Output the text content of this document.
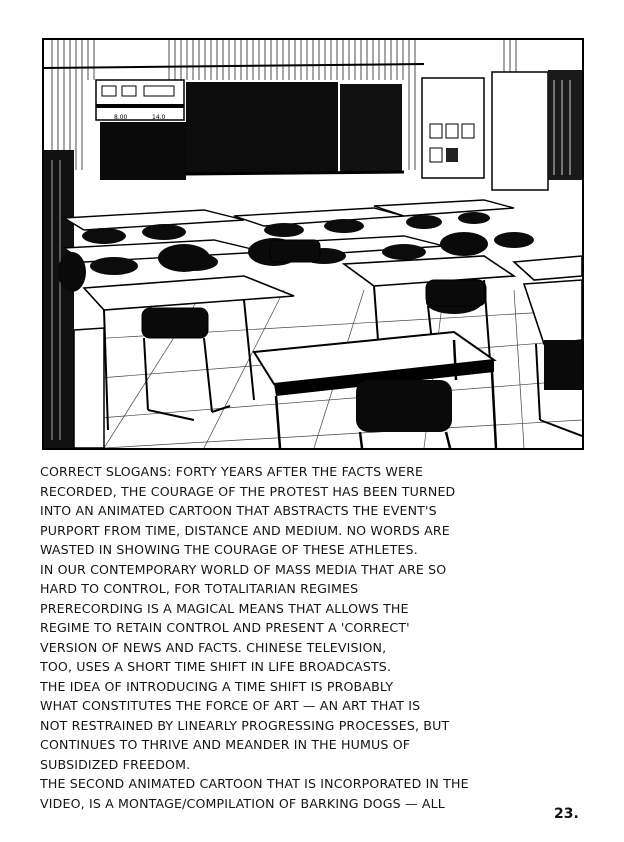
8.00	14.0
CORRECT SLOGANS: FORTY YEARS AFTER THE FACTS WERE
RECORDED, THE COURAGE OF THE PROTEST HAS BEEN TURNED
INTO AN ANIMATED CARTOON THAT ABSTRACTS THE EVENT'S
PURPORT FROM TIME, DISTANCE AND MEDIUM. NO WORDS ARE
WASTED IN SHOWING THE COURAGE OF THESE ATHLETES.
IN OUR CONTEMPORARY WORLD OF MASS MEDIA THAT ARE SO
HARD TO CONTROL, FOR TOTALITARIAN REGIMES
PRERECORDING IS A MAGICAL MEANS THAT ALLOWS THE
REGIME TO RETAIN CONTROL AND PRESENT A 'CORRECT'
VERSION OF NEWS AND FACTS. CHINESE TELEVISION,
TOO, USES A SHORT TIME SHIFT IN LIFE BROADCASTS.
THE IDEA OF INTRODUCING A TIME SHIFT IS PROBABLY
WHAT CONSTITUTES THE FORCE OF ART — AN ART THAT IS
NOT RESTRAINED BY LINEARLY PROGRESSING PROCESSES, BUT
CONTINUES TO THRIVE AND MEANDER IN THE HUMUS OF
SUBSIDIZED FREEDOM.
THE SECOND ANIMATED CARTOON THAT IS INCORPORATED IN THE
VIDEO, IS A MONTAGE/COMPILATION OF BARKING DOGS — ALL
23.
